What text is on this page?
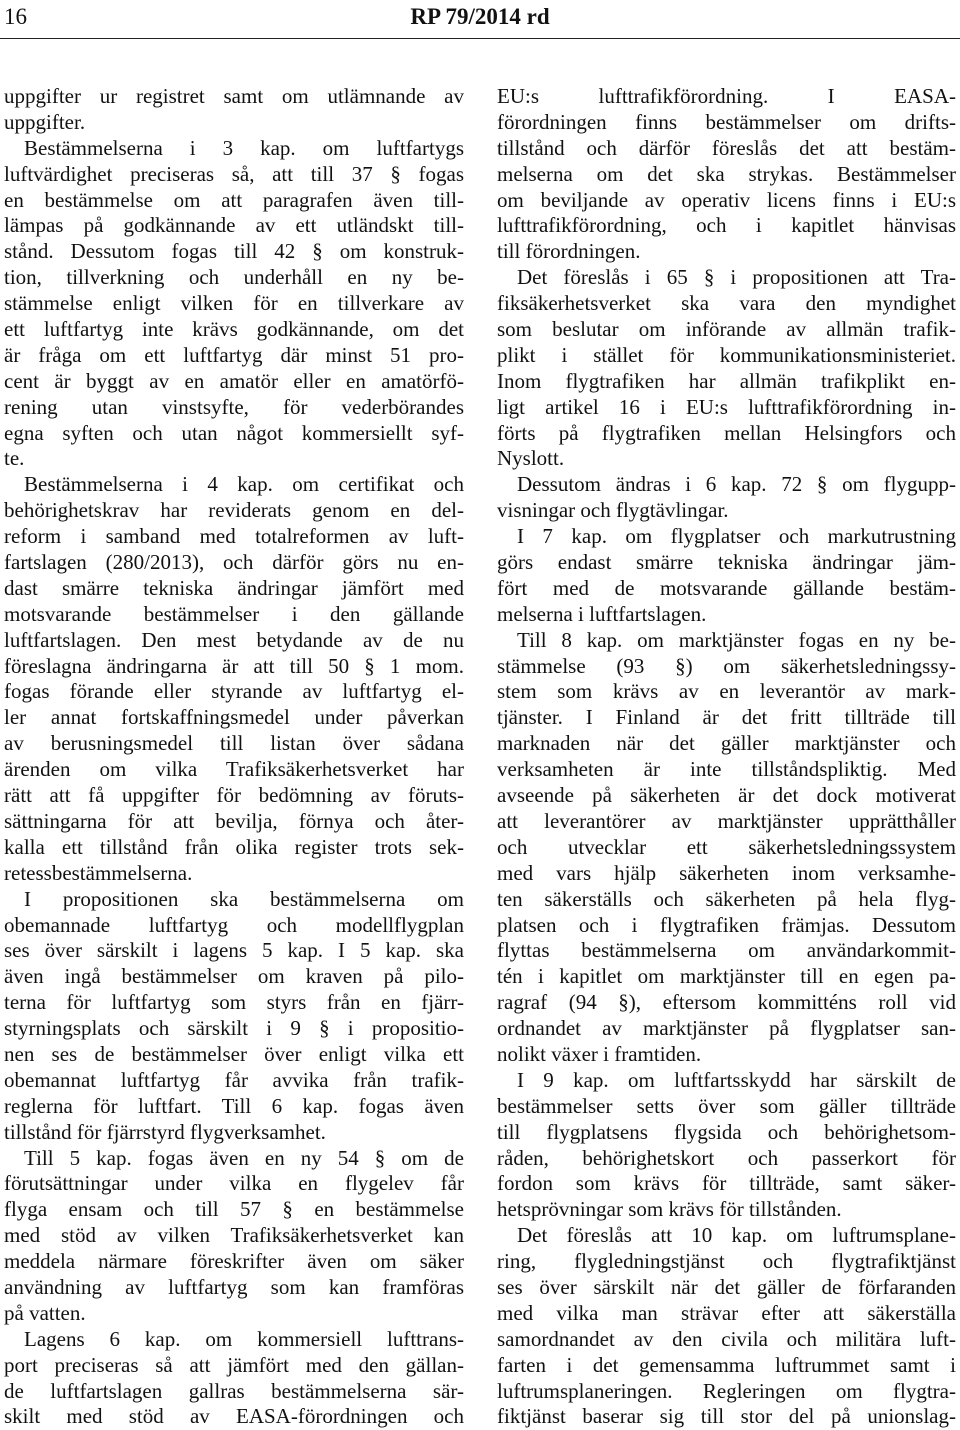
16	RP 79/2014 rd
uppgifter ur registret samt om utlämnande av
uppgifter.
Bestämmelserna i 3 kap. om luftfartygs
luftvärdighet preciseras så, att till 37 § fogas
en bestämmelse om att paragrafen även till-
lämpas på godkännande av ett utländskt till-
stånd. Dessutom fogas till 42 § om konstruk-
tion, tillverkning och underhåll en ny be-
stämmelse enligt vilken för en tillverkare av
ett luftfartyg inte krävs godkännande, om det
är fråga om ett luftfartyg där minst 51 pro-
cent är byggt av en amatör eller en amatörfö-
rening utan vinstsyfte, för vederbörandes
egna syften och utan något kommersiellt syf-
te.
Bestämmelserna i 4 kap. om certifikat och
behörighetskrav har reviderats genom en del-
reform i samband med totalreformen av luft-
fartslagen (280/2013), och därför görs nu en-
dast smärre tekniska ändringar jämfört med
motsvarande bestämmelser i den gällande
luftfartslagen. Den mest betydande av de nu
föreslagna ändringarna är att till 50 § 1 mom.
fogas förande eller styrande av luftfartyg el-
ler annat fortskaffningsmedel under påverkan
av berusningsmedel till listan över sådana
ärenden om vilka Trafiksäkerhetsverket har
rätt att få uppgifter för bedömning av föruts-
sättningarna för att bevilja, förnya och åter-
kalla ett tillstånd från olika register trots sek-
retessbestämmelserna.
I propositionen ska bestämmelserna om
obemannade luftfartyg och modellflygplan
ses över särskilt i lagens 5 kap. I 5 kap. ska
även ingå bestämmelser om kraven på pilo-
terna för luftfartyg som styrs från en fjärr-
styrningsplats och särskilt i 9 § i propositio-
nen ses de bestämmelser över enligt vilka ett
obemannat luftfartyg får avvika från trafik-
reglerna för luftfart. Till 6 kap. fogas även
tillstånd för fjärrstyrd flygverksamhet.
Till 5 kap. fogas även en ny 54 § om de
förutsättningar under vilka en flygelev får
flyga ensam och till 57 § en bestämmelse
med stöd av vilken Trafiksäkerhetsverket kan
meddela närmare föreskrifter även om säker
användning av luftfartyg som kan framföras
på vatten.
Lagens 6 kap. om kommersiell lufttrans-
port preciseras så att jämfört med den gällan-
de luftfartslagen gallras bestämmelserna sär-
skilt med stöd av EASA-förordningen och
EU:s lufttrafikförordning. I EASA-
förordningen finns bestämmelser om drifts-
tillstånd och därför föreslås det att bestäm-
melserna om det ska strykas. Bestämmelser
om beviljande av operativ licens finns i EU:s
lufttrafikförordning, och i kapitlet hänvisas
till förordningen.
Det föreslås i 65 § i propositionen att Tra-
fiksäkerhetsverket ska vara den myndighet
som beslutar om införande av allmän trafik-
plikt i stället för kommunikationsministeriet.
Inom flygtrafiken har allmän trafikplikt en-
ligt artikel 16 i EU:s lufttrafikförordning in-
förts på flygtrafiken mellan Helsingfors och
Nyslott.
Dessutom ändras i 6 kap. 72 § om flygupp-
visningar och flygtävlingar.
I 7 kap. om flygplatser och markutrustning
görs endast smärre tekniska ändringar jäm-
fört med de motsvarande gällande bestäm-
melserna i luftfartslagen.
Till 8 kap. om marktjänster fogas en ny be-
stämmelse (93 §) om säkerhetsledningssy-
stem som krävs av en leverantör av mark-
tjänster. I Finland är det fritt tillträde till
marknaden när det gäller marktjänster och
verksamheten är inte tillståndspliktig. Med
avseende på säkerheten är det dock motiverat
att leverantörer av marktjänster upprätthåller
och utvecklar ett säkerhetsledningssystem
med vars hjälp säkerheten inom verksamhe-
ten säkerställs och säkerheten på hela flyg-
platsen och i flygtrafiken främjas. Dessutom
flyttas bestämmelserna om användarkommit-
tén i kapitlet om marktjänster till en egen pa-
ragraf (94 §), eftersom kommitténs roll vid
ordnandet av marktjänster på flygplatser san-
nolikt växer i framtiden.
I 9 kap. om luftfartsskydd har särskilt de
bestämmelser setts över som gäller tillträde
till flygplatsens flygsida och behörighetsom-
råden, behörighetskort och passerkort för
fordon som krävs för tillträde, samt säker-
hetsprövningar som krävs för tillstånden.
Det föreslås att 10 kap. om luftrumsplane-
ring, flygledningstjänst och flygtrafiktjänst
ses över särskilt när det gäller de förfaranden
med vilka man strävar efter att säkerställa
samordnandet av den civila och militära luft-
farten i det gemensamma luftrummet samt i
luftrumsplaneringen. Regleringen om flygtra-
fiktjänst baserar sig till stor del på unionslag-
